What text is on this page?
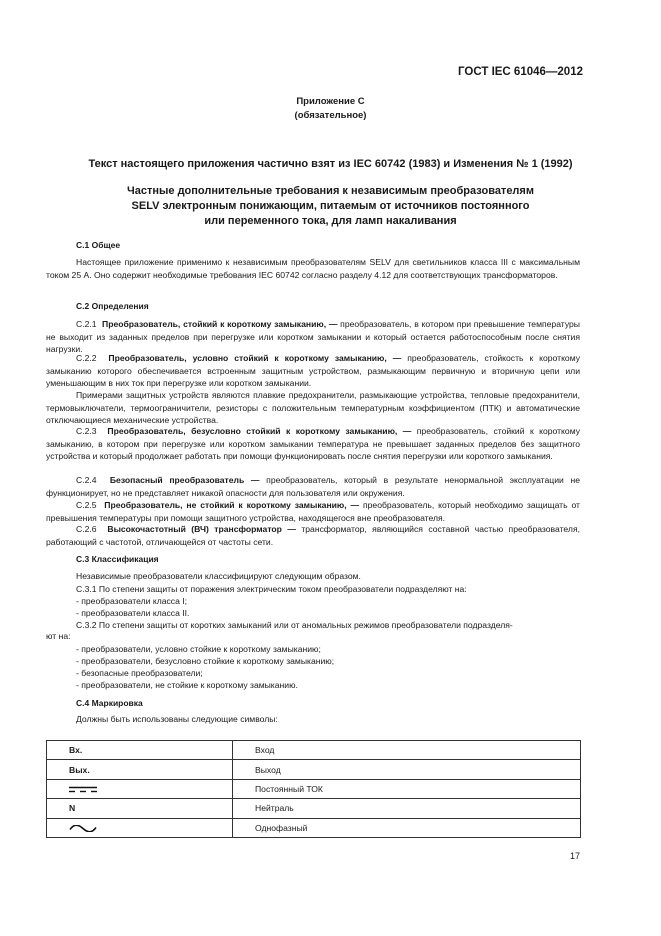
ГОСТ IEC 61046—2012
Приложение С
(обязательное)
Текст настоящего приложения частично взят из IEC 60742 (1983) и Изменения № 1 (1992)
Частные дополнительные требования к независимым преобразователям
SELV электронным понижающим, питаемым от источников постоянного
или переменного тока, для ламп накаливания
С.1 Общее
Настоящее приложение применимо к независимым преобразователям SELV для светильников класса III с максимальным током 25 А. Оно содержит необходимые требования IEC 60742 согласно разделу 4.12 для соответствующих трансформаторов.
С.2 Определения
С.2.1 Преобразователь, стойкий к короткому замыканию, — преобразователь, в котором при превышение температуры не выходит из заданных пределов при перегрузке или коротком замыкании и который остается работоспособным после снятия нагрузки.
С.2.2 Преобразователь, условно стойкий к короткому замыканию, — преобразователь, стойкость к короткому замыканию которого обеспечивается встроенным защитным устройством, размыкающим первичную и вторичную цепи или уменьшающим в них ток при перегрузке или коротком замыкании.
Примерами защитных устройств являются плавкие предохранители, размыкающие устройства, тепловые предохранители, термовыключатели, термоограничители, резисторы с положительным температурным коэффициентом (ПТК) и автоматические отключающиеся механические устройства.
С.2.3 Преобразователь, безусловно стойкий к короткому замыканию, — преобразователь, стойкий к короткому замыканию, в котором при перегрузке или коротком замыкании температура не превышает заданных пределов без защитного устройства и который продолжает работать при помощи функционировать после снятия перегрузки или короткого замыкания.
С.2.4 Безопасный преобразователь — преобразователь, который в результате ненормальной эксплуатации не функционирует, но не представляет никакой опасности для пользователя или окружения.
С.2.5 Преобразователь, не стойкий к короткому замыканию, — преобразователь, который необходимо защищать от превышения температуры при помощи защитного устройства, находящегося вне преобразователя.
С.2.6 Высокочастотный (ВЧ) трансформатор — трансформатор, являющийся составной частью преобразователя, работающий с частотой, отличающейся от частоты сети.
С.3 Классификация
Независимые преобразователи классифицируют следующим образом.
С.3.1 По степени защиты от поражения электрическим током преобразователи подразделяют на:
- преобразователи класса I;
- преобразователи класса II.
С.3.2 По степени защиты от коротких замыканий или от аномальных режимов преобразователи подразделя-
ют на:
- преобразователи, условно стойкие к короткому замыканию;
- преобразователи, безусловно стойкие к короткому замыканию;
- безопасные преобразователи;
- преобразователи, не стойкие к короткому замыканию.
С.4 Маркировка
Должны быть использованы следующие символы:
Вх.	Вход
Вых.	Выход
	Постоянный ТОК
N	Нейтраль
	Однофазный
17
